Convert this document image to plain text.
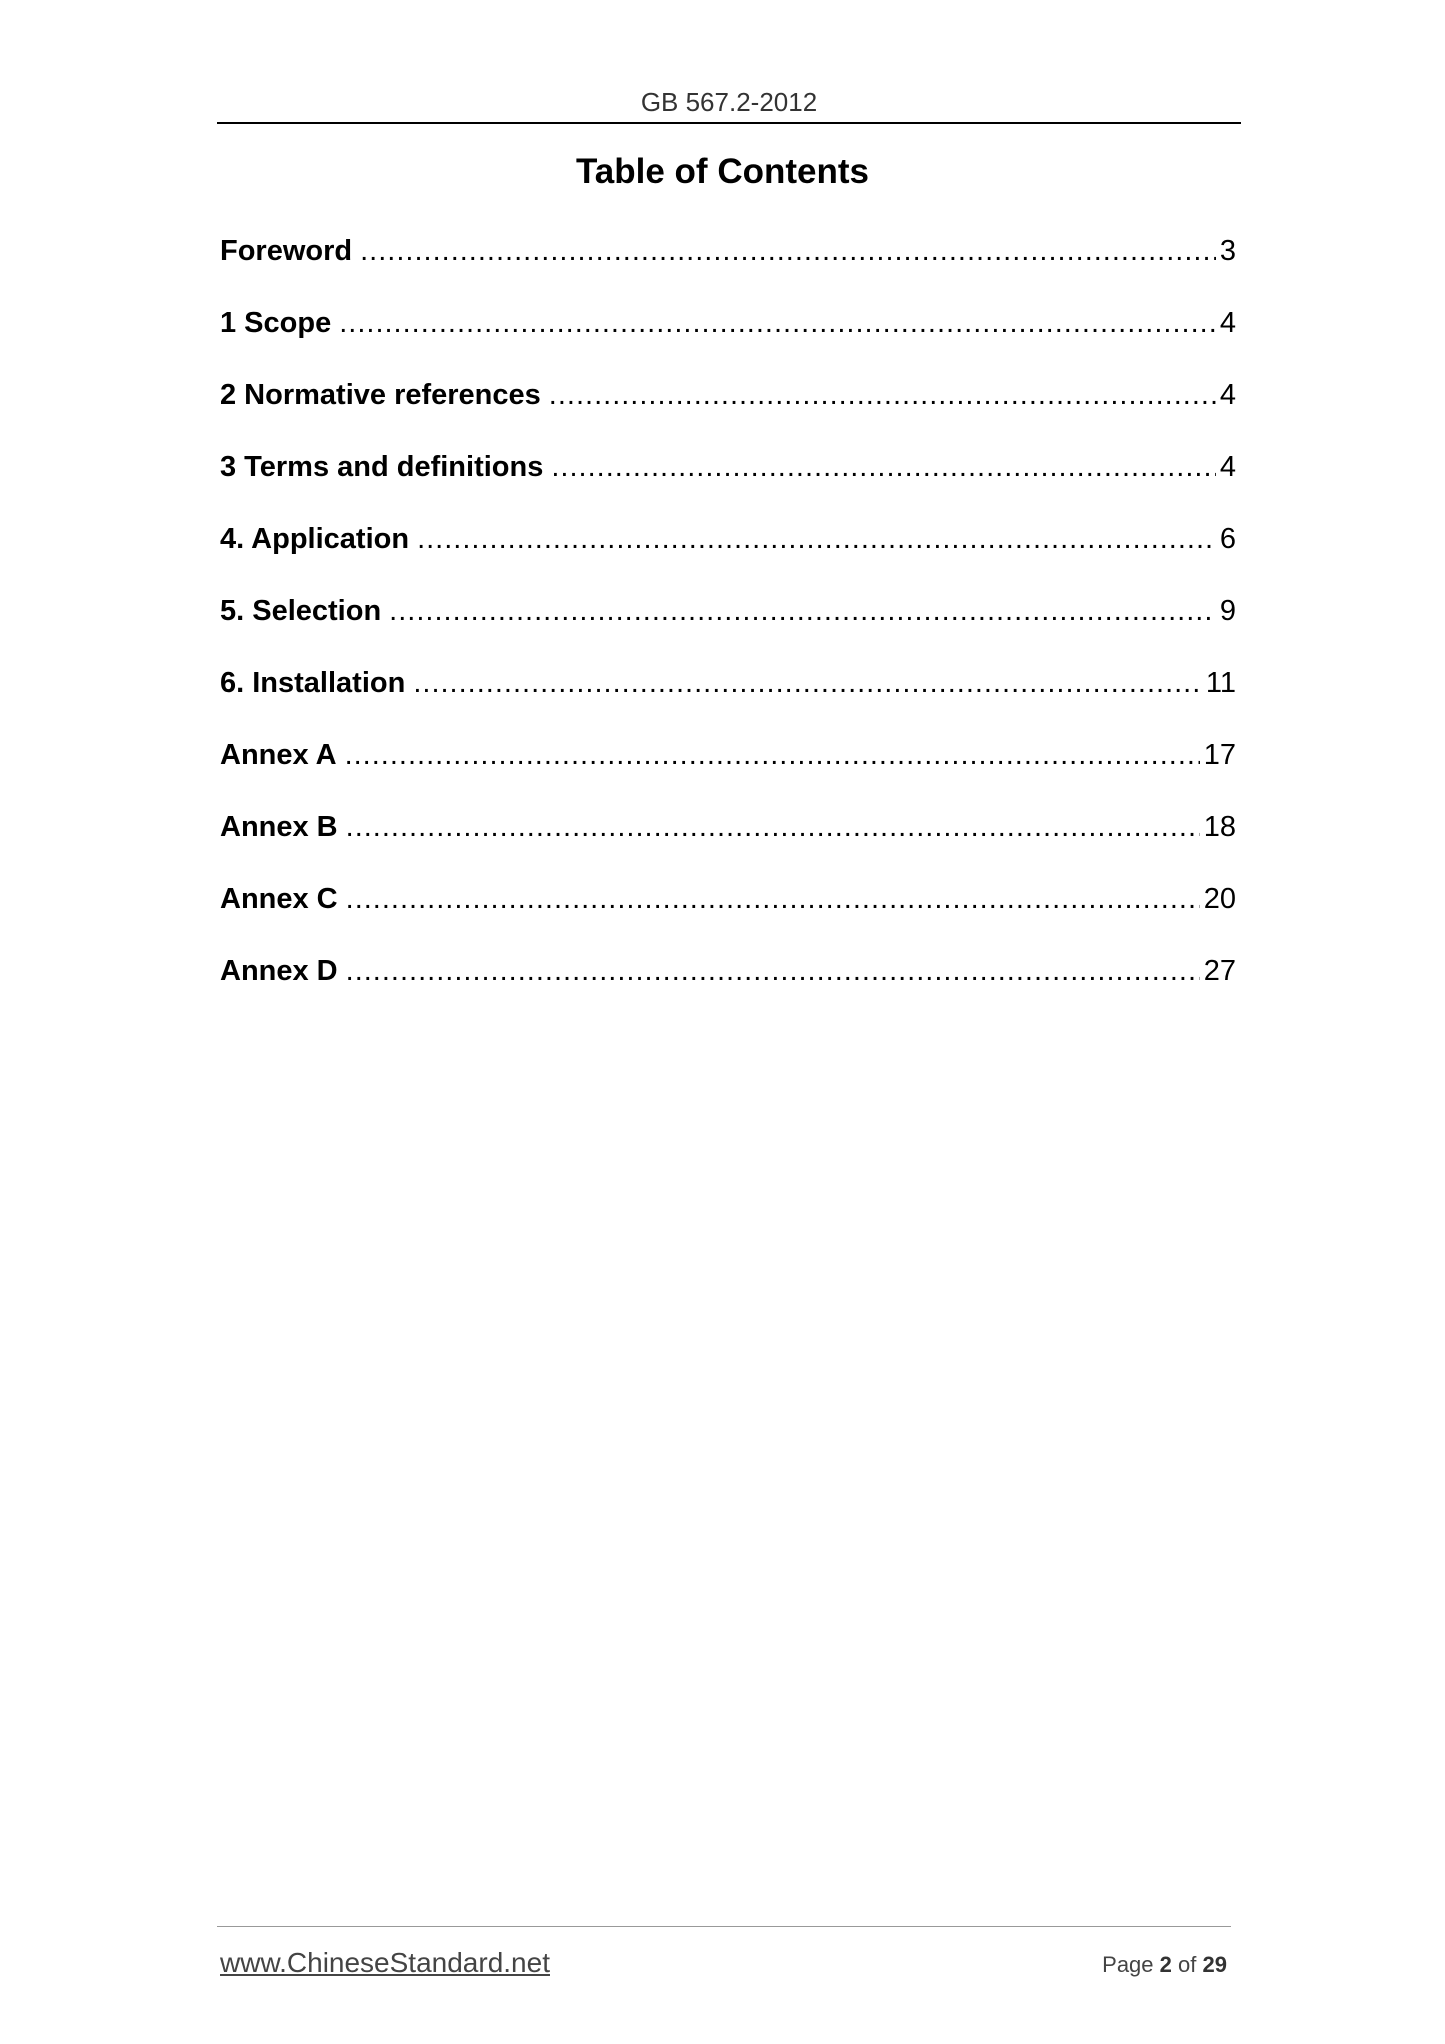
GB 567.2-2012
Table of Contents
Foreword .....	3
1 Scope .....	4
2 Normative references .....	4
3 Terms and definitions .....	4
4. Application .....	6
5. Selection .....	9
6. Installation .....	11
Annex A .....	17
Annex B .....	18
Annex C .....	20
Annex D .....	27
www.ChineseStandard.net	Page 2 of 29
